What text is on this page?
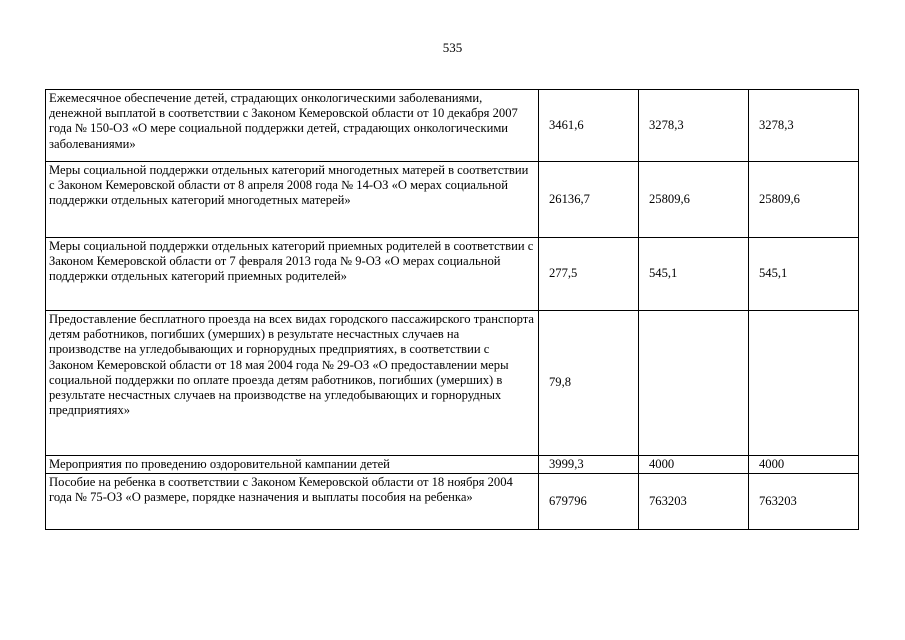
535
Ежемесячное обеспечение детей, страдающих онкологическими заболеваниями, денежной выплатой в соответствии с Законом Кемеровской области от 10 декабря 2007 года № 150-ОЗ «О мере социальной поддержки детей, страдающих онкологическими заболеваниями»	3461,6	3278,3	3278,3
Меры социальной поддержки отдельных категорий многодетных матерей в соответствии с Законом Кемеровской области от 8 апреля 2008 года № 14-ОЗ «О мерах социальной поддержки отдельных категорий многодетных матерей»	26136,7	25809,6	25809,6
Меры социальной поддержки отдельных категорий приемных родителей в соответствии с Законом Кемеровской области от 7 февраля 2013 года № 9-ОЗ «О мерах социальной поддержки отдельных категорий приемных родителей»	277,5	545,1	545,1
Предоставление бесплатного проезда на всех видах городского пассажирского транспорта детям работников, погибших (умерших) в результате несчастных случаев на производстве на угледобывающих и горнорудных предприятиях, в соответствии с Законом Кемеровской области от 18 мая 2004 года № 29-ОЗ «О предоставлении меры социальной поддержки по оплате проезда детям работников, погибших (умерших) в результате несчастных случаев на производстве на угледобывающих и горнорудных предприятиях»	79,8		
Мероприятия по проведению оздоровительной кампании детей	3999,3	4000	4000
Пособие на ребенка в соответствии с Законом Кемеровской области от 18 ноября 2004 года № 75-ОЗ «О размере, порядке назначения и выплаты пособия на ребенка»	679796	763203	763203
